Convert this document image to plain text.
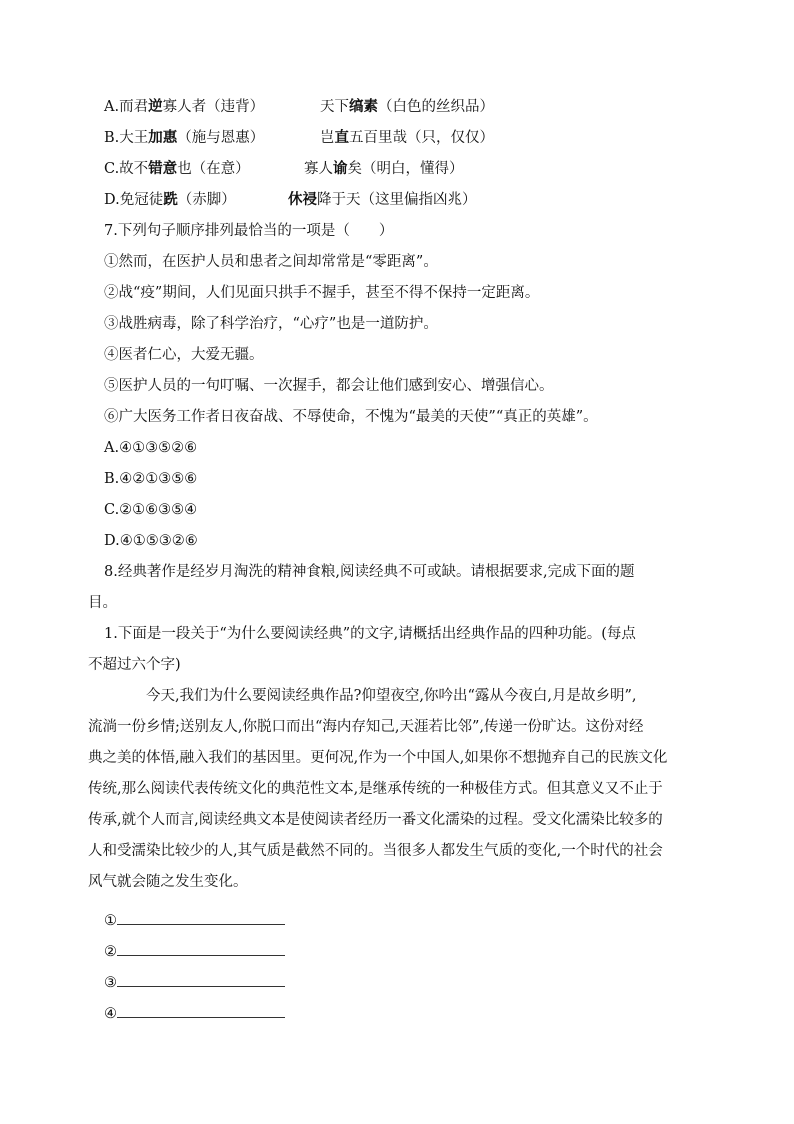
A.而君逆寡人者（违背）	天下缟素（白色的丝织品）
B.大王加惠（施与恩惠）	岂直五百里哉（只，仅仅）
C.故不错意也（在意）	寡人谕矣（明白，懂得）
D.免冠徒跣（赤脚）	休祲降于天（这里偏指凶兆）
7.下列句子顺序排列最恰当的一项是（　　）
①然而，在医护人员和患者之间却常常是“零距离”。
②战“疫”期间，人们见面只拱手不握手，甚至不得不保持一定距离。
③战胜病毒，除了科学治疗，“心疗”也是一道防护。
④医者仁心，大爱无疆。
⑤医护人员的一句叮嘱、一次握手，都会让他们感到安心、增强信心。
⑥广大医务工作者日夜奋战、不辱使命，不愧为“最美的天使”“真正的英雄”。
A.④①③⑤②⑥
B.④②①③⑤⑥
C.②①⑥③⑤④
D.④①⑤③②⑥
8.经典著作是经岁月淘洗的精神食粮,阅读经典不可或缺。请根据要求,完成下面的题
目。
1.下面是一段关于“为什么要阅读经典”的文字,请概括出经典作品的四种功能。(每点
不超过六个字)
今天,我们为什么要阅读经典作品?仰望夜空,你吟出“露从今夜白,月是故乡明”,
流淌一份乡情;送别友人,你脱口而出“海内存知己,天涯若比邻”,传递一份旷达。这份对经
典之美的体悟,融入我们的基因里。更何况,作为一个中国人,如果你不想抛弃自己的民族文化
传统,那么阅读代表传统文化的典范性文本,是继承传统的一种极佳方式。但其意义又不止于
传承,就个人而言,阅读经典文本是使阅读者经历一番文化濡染的过程。受文化濡染比较多的
人和受濡染比较少的人,其气质是截然不同的。当很多人都发生气质的变化,一个时代的社会
风气就会随之发生变化。
①
②
③
④
